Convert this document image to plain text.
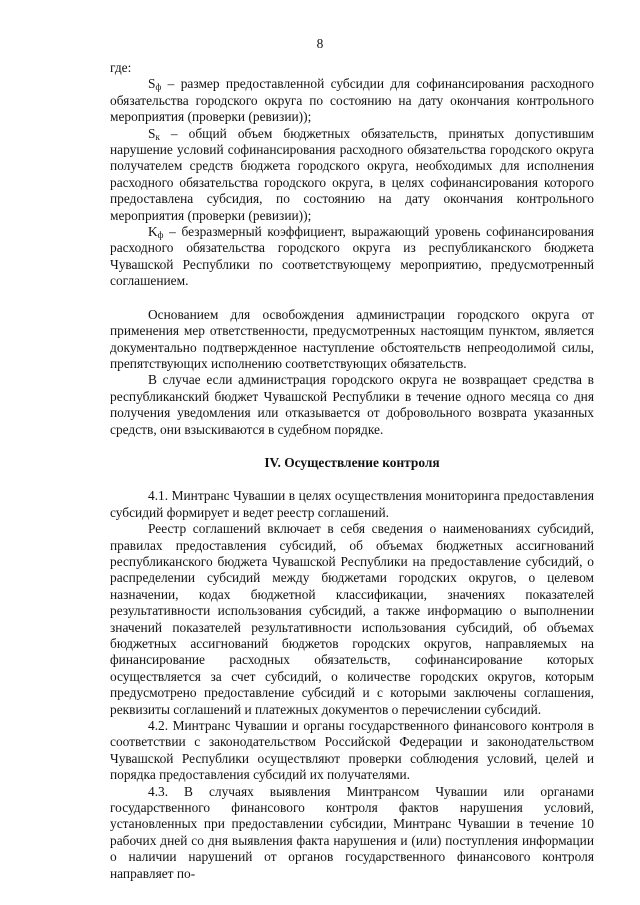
8

где:

$S_ф$ – размер предоставленной субсидии для софинансирования расходного обязательства городского округа по состоянию на дату окончания контрольного мероприятия (проверки (ревизии));

$S_к$ – общий объем бюджетных обязательств, принятых допустившим нарушение условий софинансирования расходного обязательства городского округа получателем средств бюджета городского округа, необходимых для исполнения расходного обязательства городского округа, в целях софинансирования которого предоставлена субсидия, по состоянию на дату окончания контрольного мероприятия (проверки (ревизии));

$K_ф$ – безразмерный коэффициент, выражающий уровень софинансирования расходного обязательства городского округа из республиканского бюджета Чувашской Республики по соответствующему мероприятию, предусмотренный соглашением.

Основанием для освобождения администрации городского округа от применения мер ответственности, предусмотренных настоящим пунктом, является документально подтвержденное наступление обстоятельств непреодолимой силы, препятствующих исполнению соответствующих обязательств.

В случае если администрация городского округа не возвращает средства в республиканский бюджет Чувашской Республики в течение одного месяца со дня получения уведомления или отказывается от добровольного возврата указанных средств, они взыскиваются в судебном порядке.

IV. Осуществление контроля

4.1. Минтранс Чувашии в целях осуществления мониторинга предоставления субсидий формирует и ведет реестр соглашений.

Реестр соглашений включает в себя сведения о наименованиях субсидий, правилах предоставления субсидий, об объемах бюджетных ассигнований республиканского бюджета Чувашской Республики на предоставление субсидий, о распределении субсидий между бюджетами городских округов, о целевом назначении, кодах бюджетной классификации, значениях показателей результативности использования субсидий, а также информацию о выполнении значений показателей результативности использования субсидий, об объемах бюджетных ассигнований бюджетов городских округов, направляемых на финансирование расходных обязательств, софинансирование которых осуществляется за счет субсидий, о количестве городских округов, которым предусмотрено предоставление субсидий и с которыми заключены соглашения, реквизиты соглашений и платежных документов о перечислении субсидий.

4.2. Минтранс Чувашии и органы государственного финансового контроля в соответствии с законодательством Российской Федерации и законодательством Чувашской Республики осуществляют проверки соблюдения условий, целей и порядка предоставления субсидий их получателями.

4.3. В случаях выявления Минтрансом Чувашии или органами государственного финансового контроля фактов нарушения условий, установленных при предоставлении субсидии, Минтранс Чувашии в течение 10 рабочих дней со дня выявления факта нарушения и (или) поступления информации о наличии нарушений от органов государственного финансового контроля направляет по-
